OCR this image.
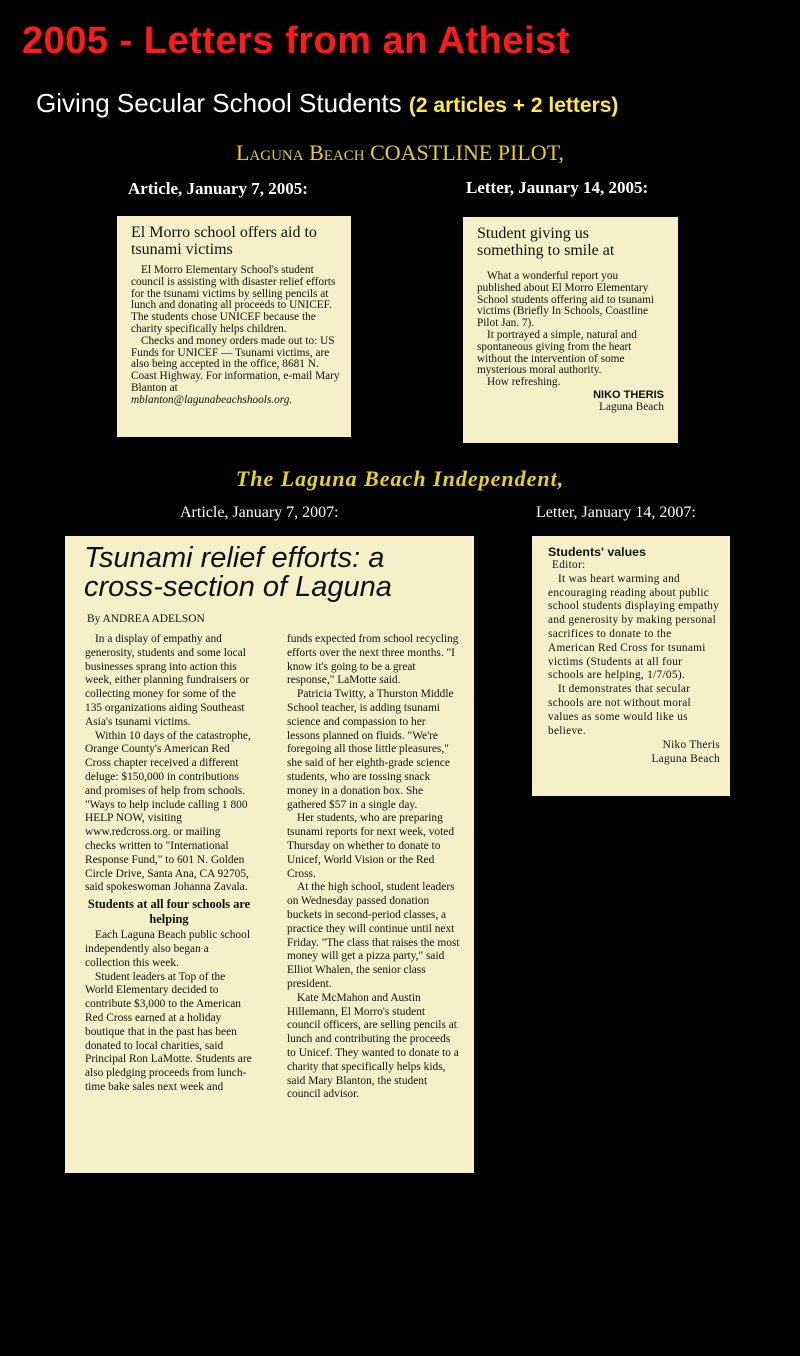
2005 - Letters from an Atheist
Giving Secular School Students (2 articles + 2 letters)
Laguna Beach COASTLINE PILOT,
Article, January 7, 2005:	Letter, Jaunary 14, 2005:
El Morro school offers aid to tsunami victims

El Morro Elementary School's student council is assisting with disaster relief efforts for the tsunami victims by selling pencils at lunch and donating all proceeds to UNICEF. The students chose UNICEF because the charity specifically helps children.

Checks and money orders made out to: US Funds for UNICEF — Tsunami victims, are also being accepted in the office, 8681 N. Coast Highway. For information, e-mail Mary Blanton at

mblanton@lagunabeachshools.org.
Student giving us something to smile at

What a wonderful report you published about El Morro Elementary School students offering aid to tsunami victims (Briefly In Schools, Coastline Pilot Jan. 7).

It portrayed a simple, natural and spontaneous giving from the heart without the intervention of some mysterious moral authority.

How refreshing.

NIKO THERIS
Laguna Beach
The Laguna Beach Independent,
Article, January 7, 2007:	Letter, January 14, 2007:
Tsunami relief efforts: a cross-section of Laguna
By ANDREA ADELSON

In a display of empathy and generosity, students and some local businesses sprang into action this week, either planning fundraisers or collecting money for some of the 135 organizations aiding Southeast Asia's tsunami victims.

Within 10 days of the catastrophe, Orange County's American Red Cross chapter received a different deluge: $150,000 in contributions and promises of help from schools. "Ways to help include calling 1 800 HELP NOW, visiting www.redcross.org. or mailing checks written to "International Response Fund," to 601 N. Golden Circle Drive, Santa Ana, CA 92705, said spokeswoman Johanna Zavala.

Students at all four schools are helping

Each Laguna Beach public school independently also began a collection this week.

Student leaders at Top of the World Elementary decided to contribute $3,000 to the American Red Cross earned at a holiday boutique that in the past has been donated to local charities, said Principal Ron LaMotte. Students are also pledging proceeds from lunch-time bake sales next week and

funds expected from school recycling efforts over the next three months. "I know it's going to be a great response," LaMotte said.

Patricia Twitty, a Thurston Middle School teacher, is adding tsunami science and compassion to her lessons planned on fluids. "We're foregoing all those little pleasures," she said of her eighth-grade science students, who are tossing snack money in a donation box. She gathered $57 in a single day.

Her students, who are preparing tsunami reports for next week, voted Thursday on whether to donate to Unicef, World Vision or the Red Cross.

At the high school, student leaders on Wednesday passed donation buckets in second-period classes, a practice they will continue until next Friday. "The class that raises the most money will get a pizza party," said Elliot Whalen, the senior class president.

Kate McMahon and Austin Hillemann, El Morro's student council officers, are selling pencils at lunch and contributing the proceeds to Unicef. They wanted to donate to a charity that specifically helps kids, said Mary Blanton, the student council advisor.

Students' values
Editor:

It was heart warming and encouraging reading about public school students displaying empathy and generosity by making personal sacrifices to donate to the American Red Cross for tsunami victims (Students at all four schools are helping, 1/7/05).

It demonstrates that secular schools are not without moral values as some would like us believe.

Niko Theris
Laguna Beach
